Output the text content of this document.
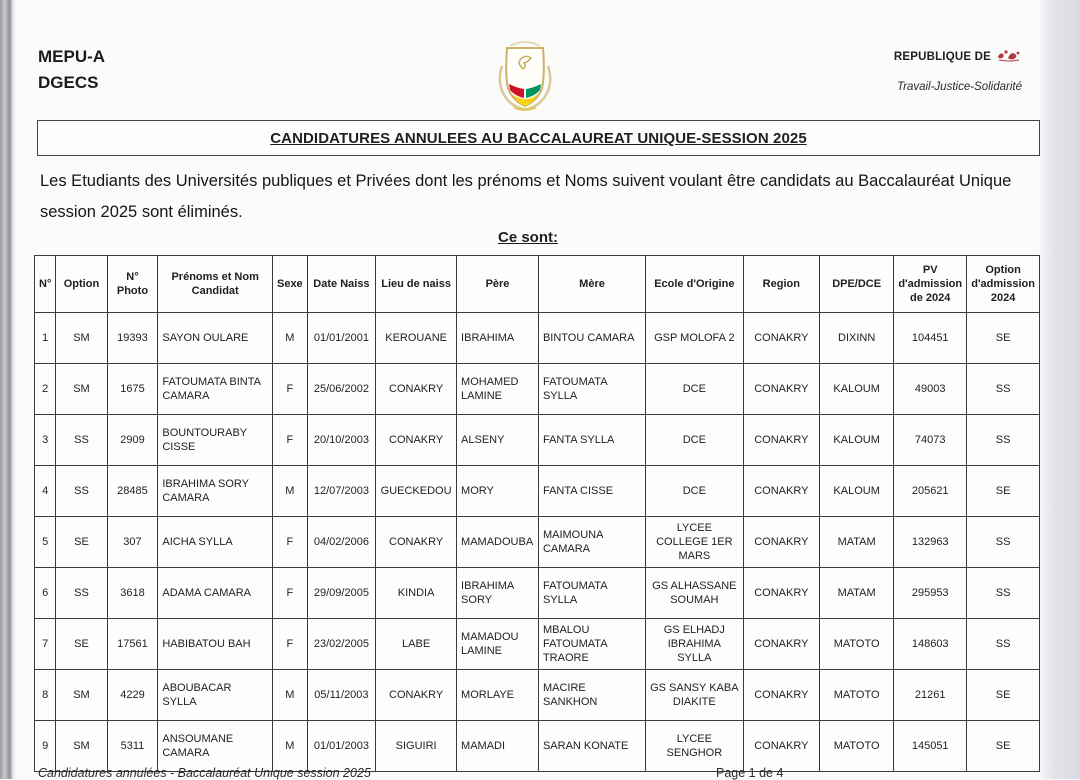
MEPU-A
DGECS
REPUBLIQUE DE
Travail-Justice-Solidarité
CANDIDATURES ANNULEES AU BACCALAUREAT UNIQUE-SESSION 2025
Les Etudiants des Universités publiques et Privées dont les prénoms et Noms suivent voulant être candidats au Baccalauréat Unique session 2025 sont éliminés.
Ce sont:
N°	Option	N° Photo	Prénoms et Nom Candidat	Sexe	Date Naiss	Lieu de naiss	Père	Mère	Ecole d'Origine	Region	DPE/DCE	PV d'admission de 2024	Option d'admission 2024
1	SM	19393	SAYON OULARE	M	01/01/2001	KEROUANE	IBRAHIMA	BINTOU CAMARA	GSP MOLOFA 2	CONAKRY	DIXINN	104451	SE
2	SM	1675	FATOUMATA BINTA CAMARA	F	25/06/2002	CONAKRY	MOHAMED LAMINE	FATOUMATA SYLLA	DCE	CONAKRY	KALOUM	49003	SS
3	SS	2909	BOUNTOURABY CISSE	F	20/10/2003	CONAKRY	ALSENY	FANTA SYLLA	DCE	CONAKRY	KALOUM	74073	SS
4	SS	28485	IBRAHIMA SORY CAMARA	M	12/07/2003	GUECKEDOU	MORY	FANTA CISSE	DCE	CONAKRY	KALOUM	205621	SE
5	SE	307	AICHA SYLLA	F	04/02/2006	CONAKRY	MAMADOUBA	MAIMOUNA CAMARA	LYCEE COLLEGE 1ER MARS	CONAKRY	MATAM	132963	SS
6	SS	3618	ADAMA CAMARA	F	29/09/2005	KINDIA	IBRAHIMA SORY	FATOUMATA SYLLA	GS ALHASSANE SOUMAH	CONAKRY	MATAM	295953	SS
7	SE	17561	HABIBATOU BAH	F	23/02/2005	LABE	MAMADOU LAMINE	MBALOU FATOUMATA TRAORE	GS ELHADJ IBRAHIMA SYLLA	CONAKRY	MATOTO	148603	SS
8	SM	4229	ABOUBACAR SYLLA	M	05/11/2003	CONAKRY	MORLAYE	MACIRE SANKHON	GS SANSY KABA DIAKITE	CONAKRY	MATOTO	21261	SE
9	SM	5311	ANSOUMANE CAMARA	M	01/01/2003	SIGUIRI	MAMADI	SARAN KONATE	LYCEE SENGHOR	CONAKRY	MATOTO	145051	SE
Candidatures annulées - Baccalauréat Unique session 2025	Page 1 de 4
